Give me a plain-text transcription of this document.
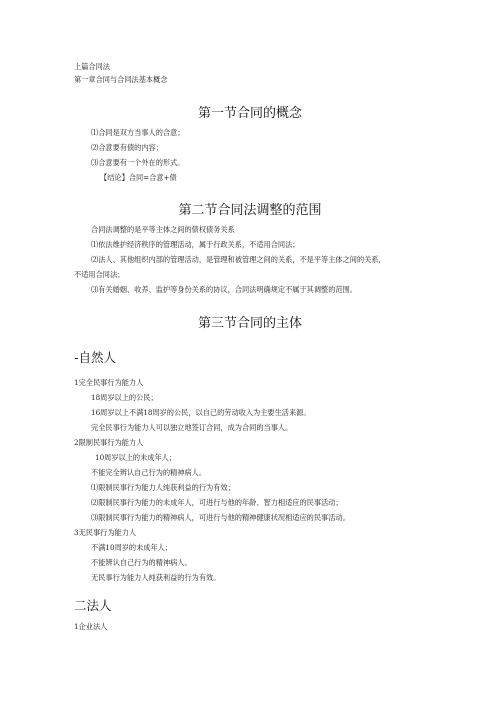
上篇合同法
第一章合同与合同法基本概念
第一节合同的概念
⑴合同是双方当事人的合意；
⑵合意要有债的内容；
⑶合意要有一个外在的形式。
【结论】合同=合意+债
第二节合同法调整的范围
合同法调整的是平等主体之间的债权债务关系
⑴依法维护经济秩序的管理活动，属于行政关系，不适用合同法；
⑵法人、其他组织内部的管理活动，是管理和被管理之间的关系，不是平等主体之间的关系，
不适用合同法；
⑶有关婚姻、收养、监护等身份关系的协议，合同法明确规定不属于其调整的范围。
第三节合同的主体
-自然人
1完全民事行为能力人
18周岁以上的公民；
16周岁以上不满18周岁的公民，以自己的劳动收入为主要生活来源。
完全民事行为能力人可以独立地签订合同，成为合同的当事人。
2限制民事行为能力人
10周岁以上的未成年人；
不能完全辨认自己行为的精神病人。
⑴限制民事行为能力人纯获利益的行为有效；
⑵限制民事行为能力的未成年人，可进行与他的年龄、智力相适应的民事活动；
⑶限制民事行为能力的精神病人，可进行与他的精神健康状况相适应的民事活动。
3无民事行为能力人
不满10周岁的未成年人；
不能辨认自己行为的精神病人。
无民事行为能力人纯获利益的行为有效。
二法人
1企业法人
